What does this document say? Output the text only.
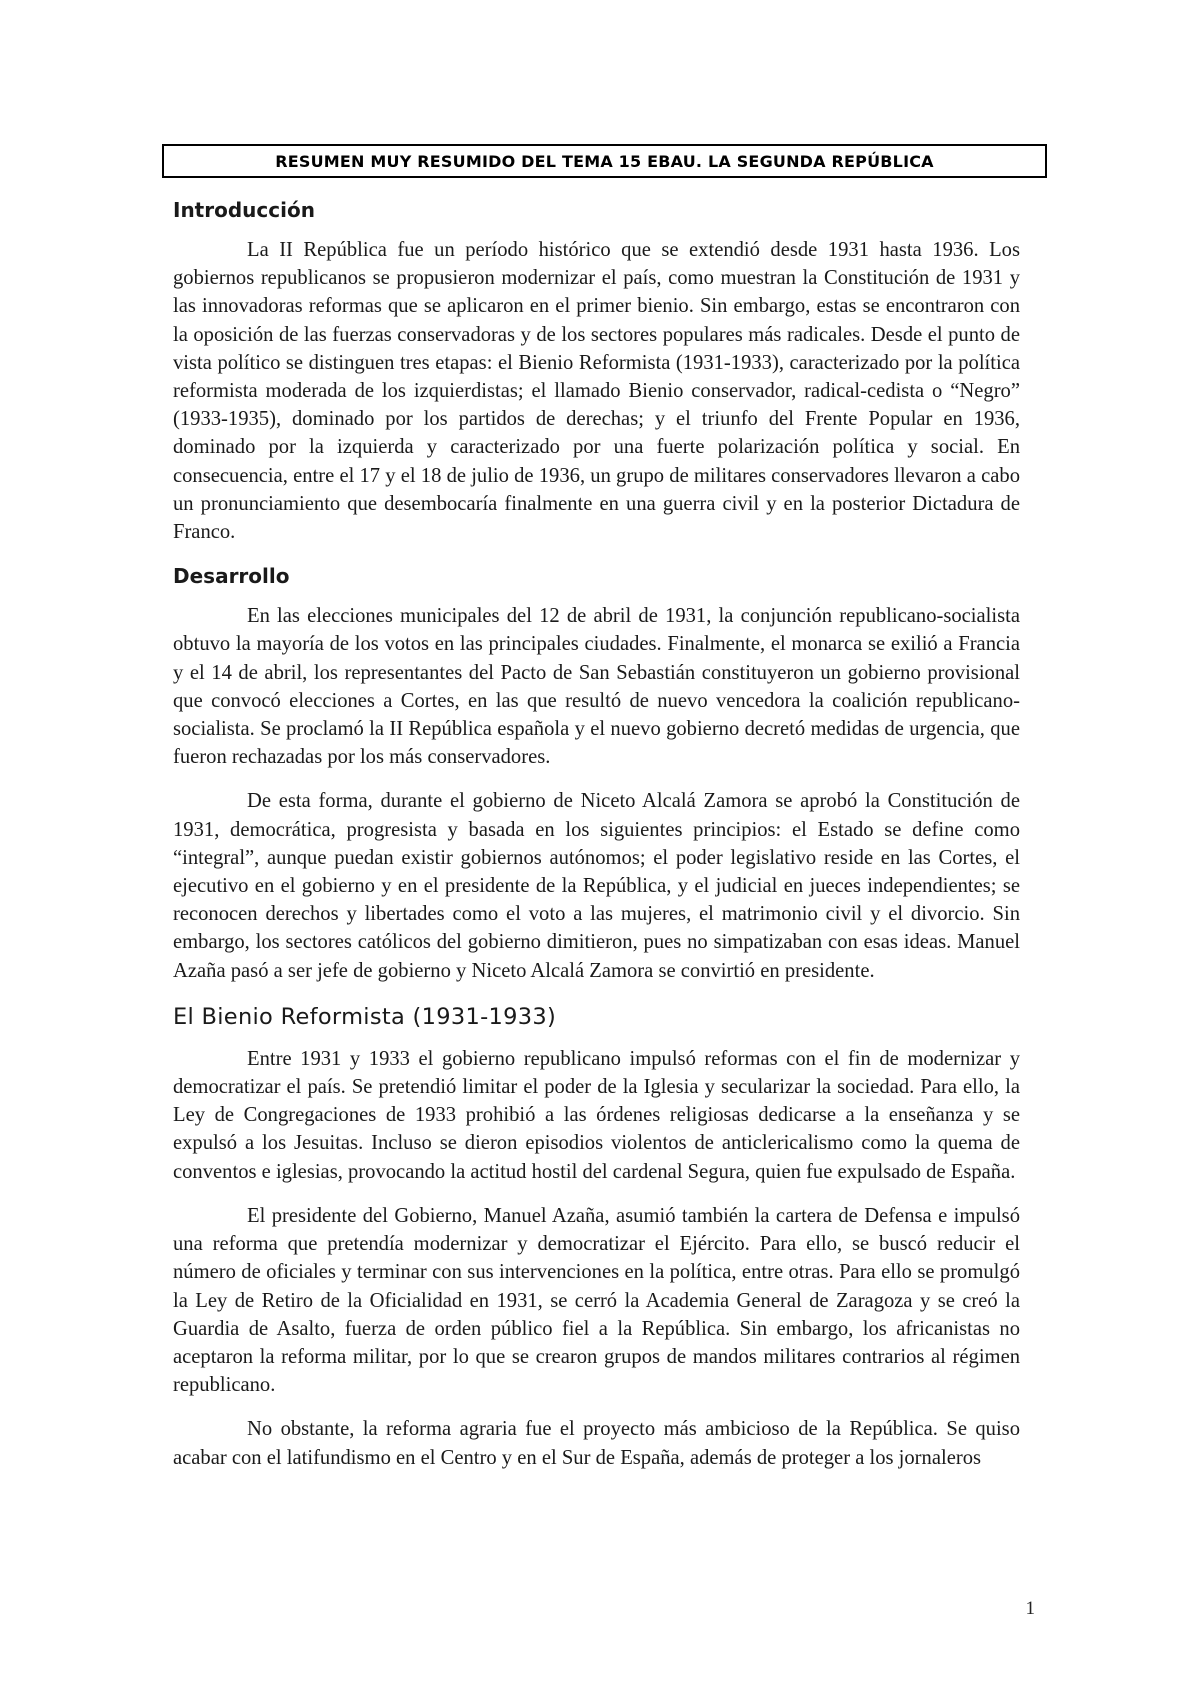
RESUMEN MUY RESUMIDO DEL TEMA 15 EBAU. LA SEGUNDA REPÚBLICA
Introducción

La II República fue un período histórico que se extendió desde 1931 hasta 1936. Los gobiernos republicanos se propusieron modernizar el país, como muestran la Constitución de 1931 y las innovadoras reformas que se aplicaron en el primer bienio. Sin embargo, estas se encontraron con la oposición de las fuerzas conservadoras y de los sectores populares más radicales. Desde el punto de vista político se distinguen tres etapas: el Bienio Reformista (1931-1933), caracterizado por la política reformista moderada de los izquierdistas; el llamado Bienio conservador, radical-cedista o “Negro” (1933-1935), dominado por los partidos de derechas; y el triunfo del Frente Popular en 1936, dominado por la izquierda y caracterizado por una fuerte polarización política y social. En consecuencia, entre el 17 y el 18 de julio de 1936, un grupo de militares conservadores llevaron a cabo un pronunciamiento que desembocaría finalmente en una guerra civil y en la posterior Dictadura de Franco.

Desarrollo

En las elecciones municipales del 12 de abril de 1931, la conjunción republicano-socialista obtuvo la mayoría de los votos en las principales ciudades. Finalmente, el monarca se exilió a Francia y el 14 de abril, los representantes del Pacto de San Sebastián constituyeron un gobierno provisional que convocó elecciones a Cortes, en las que resultó de nuevo vencedora la coalición republicano-socialista. Se proclamó la II República española y el nuevo gobierno decretó medidas de urgencia, que fueron rechazadas por los más conservadores.

De esta forma, durante el gobierno de Niceto Alcalá Zamora se aprobó la Constitución de 1931, democrática, progresista y basada en los siguientes principios: el Estado se define como “integral”, aunque puedan existir gobiernos autónomos; el poder legislativo reside en las Cortes, el ejecutivo en el gobierno y en el presidente de la República, y el judicial en jueces independientes; se reconocen derechos y libertades como el voto a las mujeres, el matrimonio civil y el divorcio. Sin embargo, los sectores católicos del gobierno dimitieron, pues no simpatizaban con esas ideas. Manuel Azaña pasó a ser jefe de gobierno y Niceto Alcalá Zamora se convirtió en presidente.

El Bienio Reformista (1931-1933)

Entre 1931 y 1933 el gobierno republicano impulsó reformas con el fin de modernizar y democratizar el país. Se pretendió limitar el poder de la Iglesia y secularizar la sociedad. Para ello, la Ley de Congregaciones de 1933 prohibió a las órdenes religiosas dedicarse a la enseñanza y se expulsó a los Jesuitas. Incluso se dieron episodios violentos de anticlericalismo como la quema de conventos e iglesias, provocando la actitud hostil del cardenal Segura, quien fue expulsado de España.

El presidente del Gobierno, Manuel Azaña, asumió también la cartera de Defensa e impulsó una reforma que pretendía modernizar y democratizar el Ejército. Para ello, se buscó reducir el número de oficiales y terminar con sus intervenciones en la política, entre otras. Para ello se promulgó la Ley de Retiro de la Oficialidad en 1931, se cerró la Academia General de Zaragoza y se creó la Guardia de Asalto, fuerza de orden público fiel a la República. Sin embargo, los africanistas no aceptaron la reforma militar, por lo que se crearon grupos de mandos militares contrarios al régimen republicano.

No obstante, la reforma agraria fue el proyecto más ambicioso de la República. Se quiso acabar con el latifundismo en el Centro y en el Sur de España, además de proteger a los jornaleros

1
